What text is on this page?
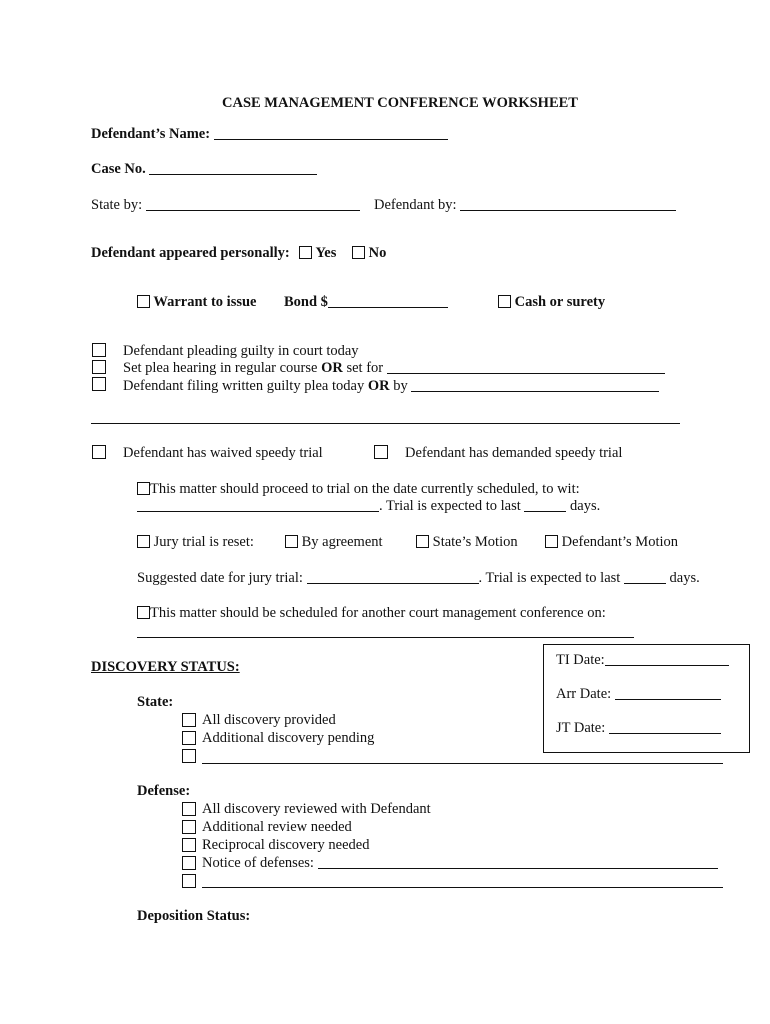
CASE MANAGEMENT CONFERENCE WORKSHEET
Defendant’s Name:
Case No.
State by:	Defendant by:
Defendant appeared personally: Yes No
Warrant to issue Bond $	Cash or surety
Defendant pleading guilty in court today
Set plea hearing in regular course OR set for
Defendant filing written guilty plea today OR by
Defendant has waived speedy trial	Defendant has demanded speedy trial
This matter should proceed to trial on the date currently scheduled, to wit:
. Trial is expected to last	days.
Jury trial is reset:	By agreement	State’s Motion	Defendant’s Motion
Suggested date for jury trial:	. Trial is expected to last	days.
This matter should be scheduled for another court management conference on:
TI Date:
Arr Date:
JT Date:
DISCOVERY STATUS:
State:
All discovery provided
Additional discovery pending
Defense:
All discovery reviewed with Defendant
Additional review needed
Reciprocal discovery needed
Notice of defenses:
Deposition Status:
